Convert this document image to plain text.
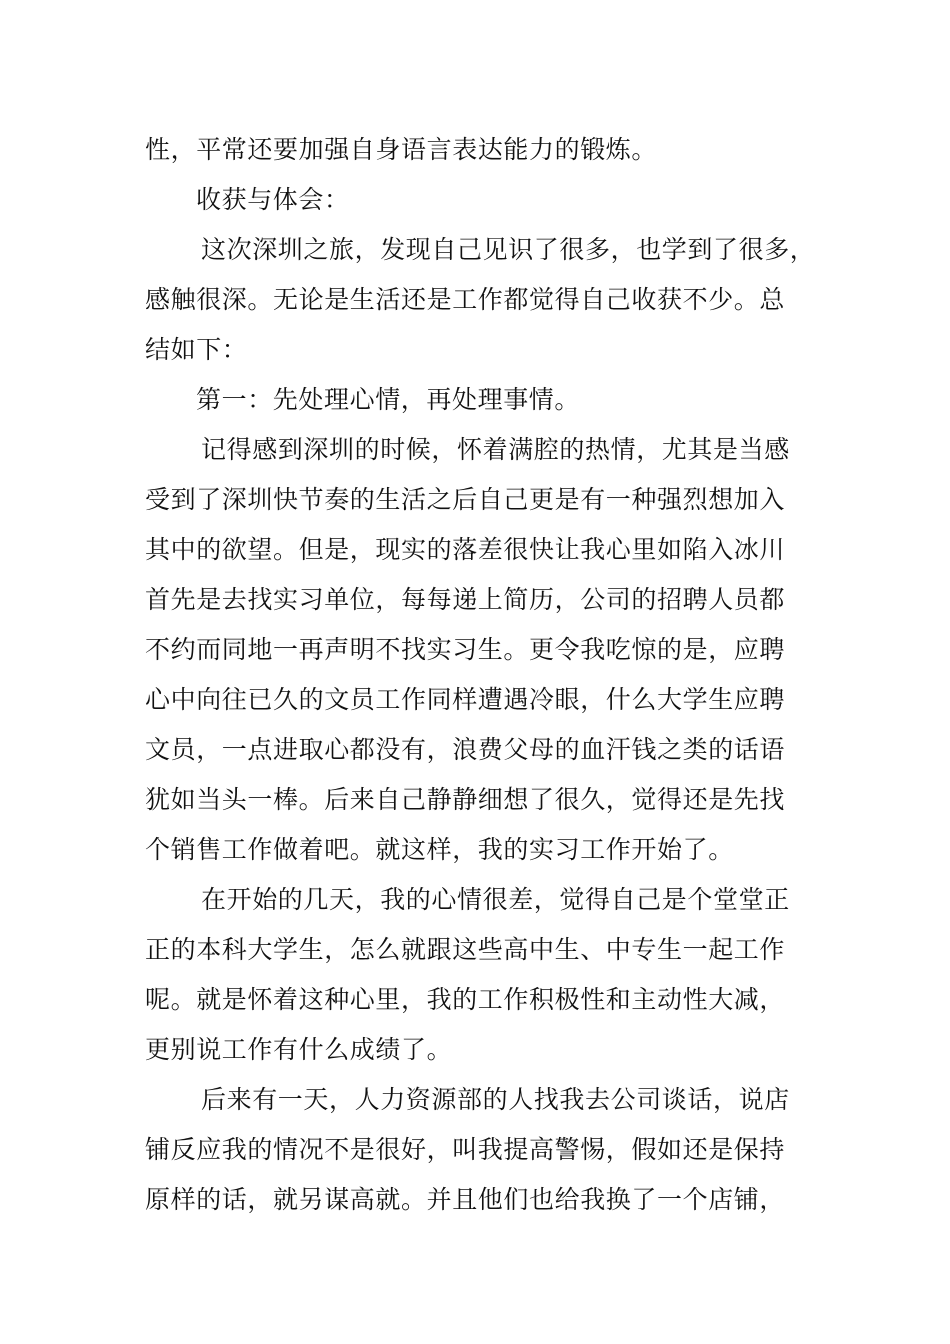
性，平常还要加强自身语言表达能力的锻炼。
收获与体会：
这次深圳之旅，发现自己见识了很多，也学到了很多，
感触很深。无论是生活还是工作都觉得自己收获不少。总
结如下：
第一：先处理心情，再处理事情。
记得感到深圳的时候，怀着满腔的热情，尤其是当感
受到了深圳快节奏的生活之后自己更是有一种强烈想加入
其中的欲望。但是，现实的落差很快让我心里如陷入冰川
首先是去找实习单位，每每递上简历，公司的招聘人员都
不约而同地一再声明不找实习生。更令我吃惊的是，应聘
心中向往已久的文员工作同样遭遇冷眼，什么大学生应聘
文员，一点进取心都没有，浪费父母的血汗钱之类的话语
犹如当头一棒。后来自己静静细想了很久，觉得还是先找
个销售工作做着吧。就这样，我的实习工作开始了。
在开始的几天，我的心情很差，觉得自己是个堂堂正
正的本科大学生，怎么就跟这些高中生、中专生一起工作
呢。就是怀着这种心里，我的工作积极性和主动性大减，
更别说工作有什么成绩了。
后来有一天，人力资源部的人找我去公司谈话，说店
铺反应我的情况不是很好，叫我提高警惕，假如还是保持
原样的话，就另谋高就。并且他们也给我换了一个店铺，
